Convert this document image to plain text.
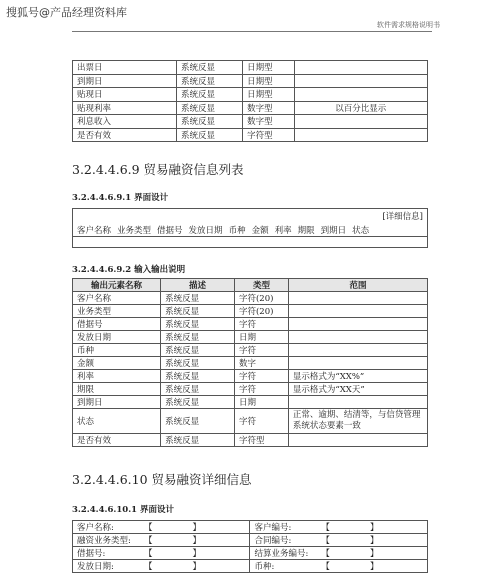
搜狐号@产品经理资料库
软件需求规格说明书
出票日	系统反显	日期型	
到期日	系统反显	日期型	
贴现日	系统反显	日期型	
贴现利率	系统反显	数字型	以百分比显示
利息收入	系统反显	数字型	
是否有效	系统反显	字符型	
3.2.4.4.6.9 贸易融资信息列表
3.2.4.4.6.9.1 界面设计
[详细信息]
客户名称 业务类型 借据号 发放日期 币种 金额 利率 期限 到期日 状态
3.2.4.4.6.9.2 输入输出说明
输出元素名称	描述	类型	范围
客户名称	系统反显	字符(20)	
业务类型	系统反显	字符(20)	
借据号	系统反显	字符	
发放日期	系统反显	日期	
币种	系统反显	字符	
金额	系统反显	数字	
利率	系统反显	字符	显示格式为“XX%”
期限	系统反显	字符	显示格式为“XX天”
到期日	系统反显	日期	
状态	系统反显	字符	正常、逾期、结清等，与信贷管理系统状态要素一致
是否有效	系统反显	字符型	
3.2.4.4.6.10 贸易融资详细信息
3.2.4.4.6.10.1 界面设计
客户名称:	【 】	客户编号:	【 】
融资业务类型:	【 】	合同编号:	【 】
借据号:	【 】	结算业务编号:	【 】
发放日期:	【 】	币种:	【 】
